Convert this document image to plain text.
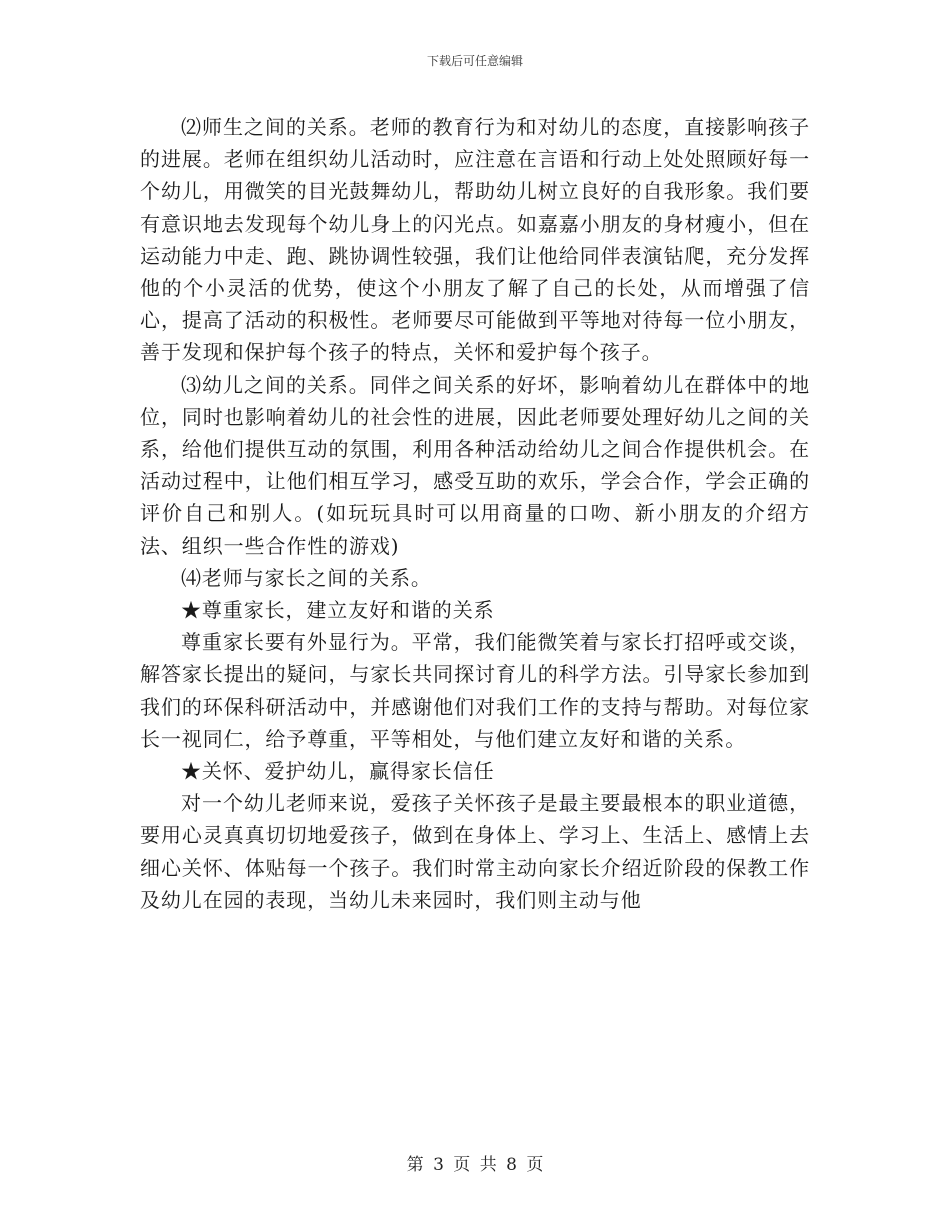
下载后可任意编辑

⑵师生之间的关系。老师的教育行为和对幼儿的态度，直接影响孩子的进展。老师在组织幼儿活动时，应注意在言语和行动上处处照顾好每一个幼儿，用微笑的目光鼓舞幼儿，帮助幼儿树立良好的自我形象。我们要有意识地去发现每个幼儿身上的闪光点。如嘉嘉小朋友的身材瘦小，但在运动能力中走、跑、跳协调性较强，我们让他给同伴表演钻爬，充分发挥他的个小灵活的优势，使这个小朋友了解了自己的长处，从而增强了信心，提高了活动的积极性。老师要尽可能做到平等地对待每一位小朋友，善于发现和保护每个孩子的特点，关怀和爱护每个孩子。

⑶幼儿之间的关系。同伴之间关系的好坏，影响着幼儿在群体中的地位，同时也影响着幼儿的社会性的进展，因此老师要处理好幼儿之间的关系，给他们提供互动的氛围，利用各种活动给幼儿之间合作提供机会。在活动过程中，让他们相互学习，感受互助的欢乐，学会合作，学会正确的评价自己和别人。(如玩玩具时可以用商量的口吻、新小朋友的介绍方法、组织一些合作性的游戏)

⑷老师与家长之间的关系。

★尊重家长，建立友好和谐的关系

尊重家长要有外显行为。平常，我们能微笑着与家长打招呼或交谈，解答家长提出的疑问，与家长共同探讨育儿的科学方法。引导家长参加到我们的环保科研活动中，并感谢他们对我们工作的支持与帮助。对每位家长一视同仁，给予尊重，平等相处，与他们建立友好和谐的关系。

★关怀、爱护幼儿，赢得家长信任

对一个幼儿老师来说，爱孩子关怀孩子是最主要最根本的职业道德，要用心灵真真切切地爱孩子，做到在身体上、学习上、生活上、感情上去细心关怀、体贴每一个孩子。我们时常主动向家长介绍近阶段的保教工作及幼儿在园的表现，当幼儿未来园时，我们则主动与他

第 3 页 共 8 页
